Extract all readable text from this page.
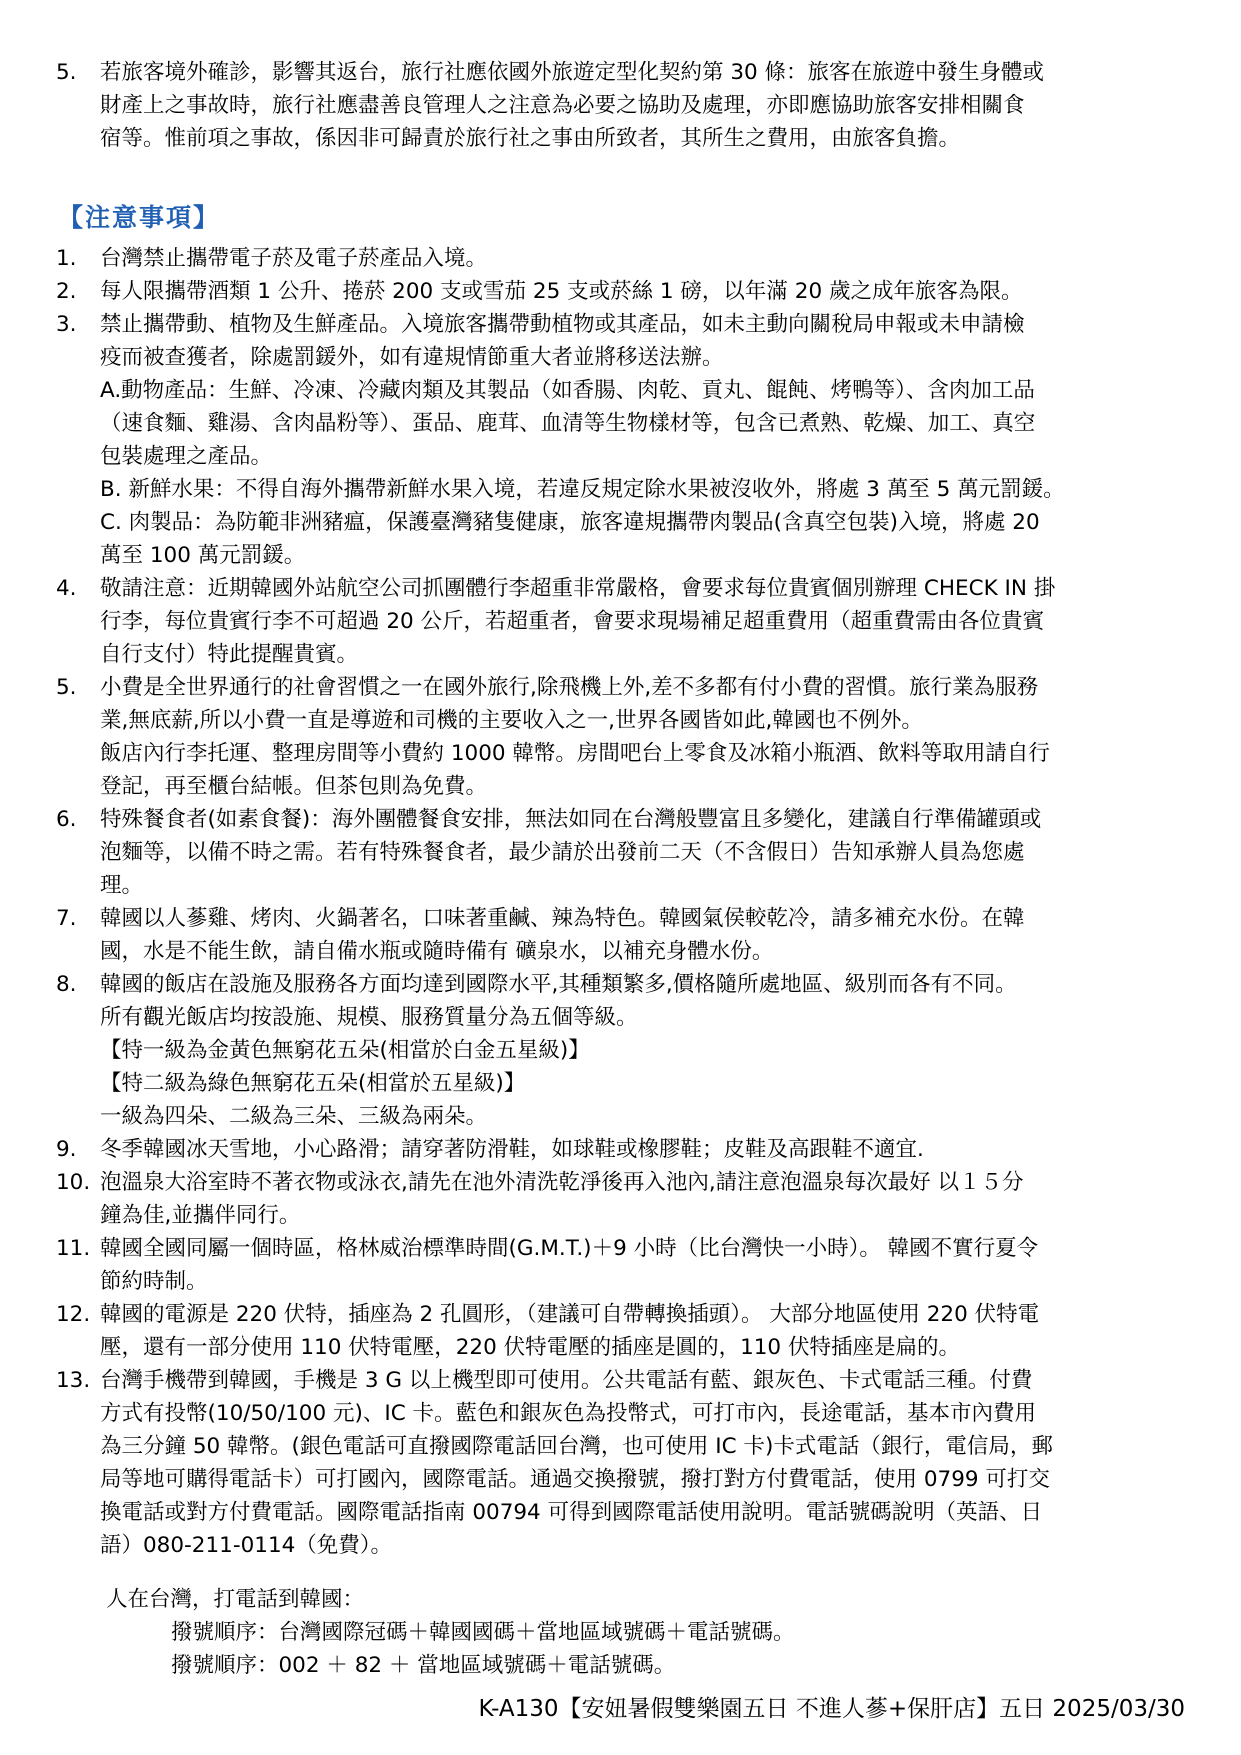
5.	若旅客境外確診，影響其返台，旅行社應依國外旅遊定型化契約第 30 條：旅客在旅遊中發生身體或
財產上之事故時，旅行社應盡善良管理人之注意為必要之協助及處理，亦即應協助旅客安排相關食
宿等。惟前項之事故，係因非可歸責於旅行社之事由所致者，其所生之費用，由旅客負擔。
【注意事項】
1.	台灣禁止攜帶電子菸及電子菸產品入境。
2.	每人限攜帶酒類 1 公升、捲菸 200 支或雪茄 25 支或菸絲 1 磅，以年滿 20 歲之成年旅客為限。
3.	禁止攜帶動、植物及生鮮產品。入境旅客攜帶動植物或其產品，如未主動向關稅局申報或未申請檢
疫而被查獲者，除處罰鍰外，如有違規情節重大者並將移送法辦。
A.動物產品：生鮮、冷凍、冷藏肉類及其製品（如香腸、肉乾、貢丸、餛飩、烤鴨等）、含肉加工品
（速食麵、雞湯、含肉晶粉等）、蛋品、鹿茸、血清等生物樣材等，包含已煮熟、乾燥、加工、真空
包裝處理之產品。
B. 新鮮水果：不得自海外攜帶新鮮水果入境，若違反規定除水果被沒收外，將處 3 萬至 5 萬元罰鍰。
C. 肉製品：為防範非洲豬瘟，保護臺灣豬隻健康，旅客違規攜帶肉製品(含真空包裝)入境，將處 20
萬至 100 萬元罰鍰。
4.	敬請注意：近期韓國外站航空公司抓團體行李超重非常嚴格，會要求每位貴賓個別辦理 CHECK IN 掛
行李，每位貴賓行李不可超過 20 公斤，若超重者，會要求現場補足超重費用（超重費需由各位貴賓
自行支付）特此提醒貴賓。
5.	小費是全世界通行的社會習慣之一在國外旅行,除飛機上外,差不多都有付小費的習慣。旅行業為服務
業,無底薪,所以小費一直是導遊和司機的主要收入之一,世界各國皆如此,韓國也不例外。
飯店內行李托運、整理房間等小費約 1000 韓幣。房間吧台上零食及冰箱小瓶酒、飲料等取用請自行
登記，再至櫃台結帳。但茶包則為免費。
6.	特殊餐食者(如素食餐)：海外團體餐食安排，無法如同在台灣般豐富且多變化，建議自行準備罐頭或
泡麵等，以備不時之需。若有特殊餐食者，最少請於出發前二天（不含假日）告知承辦人員為您處
理。
7.	韓國以人蔘雞、烤肉、火鍋著名，口味著重鹹、辣為特色。韓國氣侯較乾冷，請多補充水份。在韓
國，水是不能生飲，請自備水瓶或隨時備有 礦泉水，以補充身體水份。
8.	韓國的飯店在設施及服務各方面均達到國際水平,其種類繁多,價格隨所處地區、級別而各有不同。
所有觀光飯店均按設施、規模、服務質量分為五個等級。
【特一級為金黃色無窮花五朵(相當於白金五星級)】
【特二級為綠色無窮花五朵(相當於五星級)】
一級為四朵、二級為三朵、三級為兩朵。
9.	冬季韓國冰天雪地，小心路滑；請穿著防滑鞋，如球鞋或橡膠鞋；皮鞋及高跟鞋不適宜.
10. 泡溫泉大浴室時不著衣物或泳衣,請先在池外清洗乾淨後再入池內,請注意泡溫泉每次最好 以１５分
鐘為佳,並攜伴同行。
11. 韓國全國同屬一個時區，格林威治標準時間(G.M.T.)＋9 小時（比台灣快一小時）。 韓國不實行夏令
節約時制。
12. 韓國的電源是 220 伏特，插座為 2 孔圓形，（建議可自帶轉換插頭）。 大部分地區使用 220 伏特電
壓，還有一部分使用 110 伏特電壓，220 伏特電壓的插座是圓的，110 伏特插座是扁的。
13. 台灣手機帶到韓國，手機是 3 G 以上機型即可使用。公共電話有藍、銀灰色、卡式電話三種。付費
方式有投幣(10/50/100 元)、IC 卡。藍色和銀灰色為投幣式，可打市內，長途電話，基本市內費用
為三分鐘 50 韓幣。(銀色電話可直撥國際電話回台灣，也可使用 IC 卡)卡式電話（銀行，電信局，郵
局等地可購得電話卡）可打國內，國際電話。通過交換撥號，撥打對方付費電話，使用 0799 可打交
換電話或對方付費電話。國際電話指南 00794 可得到國際電話使用說明。電話號碼說明（英語、日
語）080-211-0114（免費）。
人在台灣，打電話到韓國：
撥號順序：台灣國際冠碼＋韓國國碼＋當地區域號碼＋電話號碼。
撥號順序：002 ＋ 82 ＋ 當地區域號碼＋電話號碼。
K-A130【安妞暑假雙樂園五日 不進人蔘+保肝店】五日 2025/03/30
